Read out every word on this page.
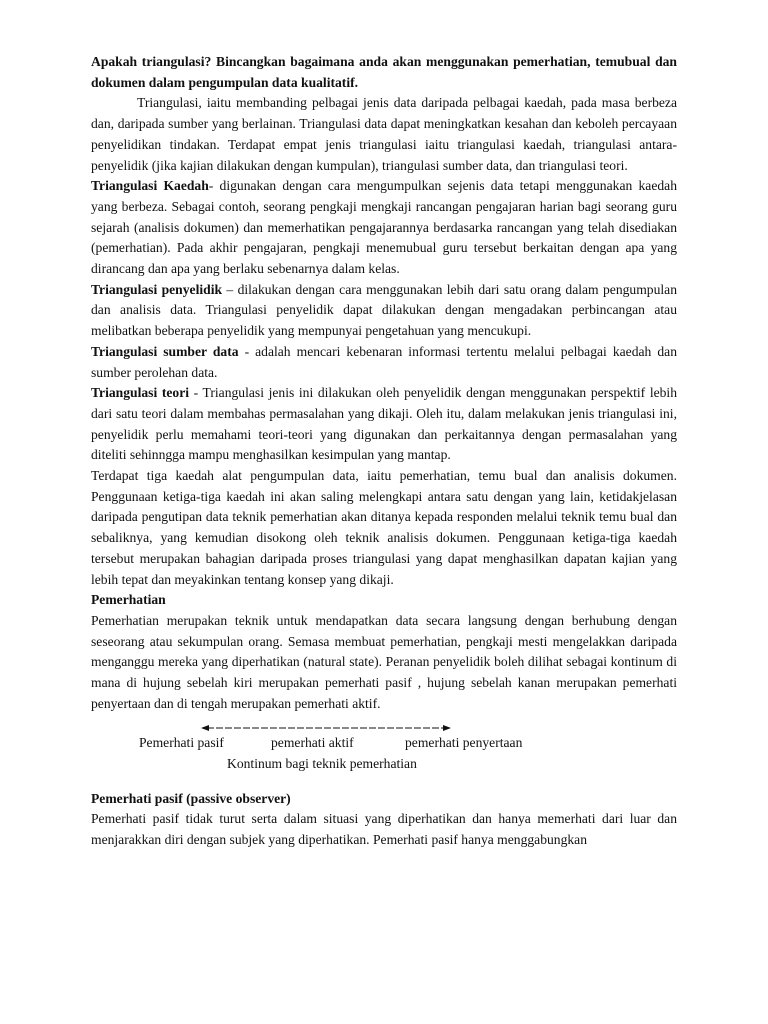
Apakah triangulasi? Bincangkan bagaimana anda akan menggunakan pemerhatian, temubual dan dokumen dalam pengumpulan data kualitatif.

Triangulasi, iaitu membanding pelbagai jenis data daripada pelbagai kaedah, pada masa berbeza dan, daripada sumber yang berlainan. Triangulasi data dapat meningkatkan kesahan dan keboleh percayaan penyelidikan tindakan. Terdapat empat jenis triangulasi iaitu triangulasi kaedah, triangulasi antara-penyelidik (jika kajian dilakukan dengan kumpulan), triangulasi sumber data, dan triangulasi teori.

Triangulasi Kaedah- digunakan dengan cara mengumpulkan sejenis data tetapi menggunakan kaedah yang berbeza. Sebagai contoh, seorang pengkaji mengkaji rancangan pengajaran harian bagi seorang guru sejarah (analisis dokumen) dan memerhatikan pengajarannya berdasarka rancangan yang telah disediakan (pemerhatian). Pada akhir pengajaran, pengkaji menemubual guru tersebut berkaitan dengan apa yang dirancang dan apa yang berlaku sebenarnya dalam kelas.

Triangulasi penyelidik – dilakukan dengan cara menggunakan lebih dari satu orang dalam pengumpulan dan analisis data. Triangulasi penyelidik dapat dilakukan dengan mengadakan perbincangan atau melibatkan beberapa penyelidik yang mempunyai pengetahuan yang mencukupi.

Triangulasi sumber data - adalah mencari kebenaran informasi tertentu melalui pelbagai kaedah dan sumber perolehan data.

Triangulasi teori - Triangulasi jenis ini dilakukan oleh penyelidik dengan menggunakan perspektif lebih dari satu teori dalam membahas permasalahan yang dikaji. Oleh itu, dalam melakukan jenis triangulasi ini, penyelidik perlu memahami teori-teori yang digunakan dan perkaitannya dengan permasalahan yang diteliti sehinngga mampu menghasilkan kesimpulan yang mantap.

Terdapat tiga kaedah alat pengumpulan data, iaitu pemerhatian, temu bual dan analisis dokumen. Penggunaan ketiga-tiga kaedah ini akan saling melengkapi antara satu dengan yang lain, ketidakjelasan daripada pengutipan data teknik pemerhatian akan ditanya kepada responden melalui teknik temu bual dan sebaliknya, yang kemudian disokong oleh teknik analisis dokumen. Penggunaan ketiga-tiga kaedah tersebut merupakan bahagian daripada proses triangulasi yang dapat menghasilkan dapatan kajian yang lebih tepat dan meyakinkan tentang konsep yang dikaji.

Pemerhatian

Pemerhatian merupakan teknik untuk mendapatkan data secara langsung dengan berhubung dengan seseorang atau sekumpulan orang. Semasa membuat pemerhatian, pengkaji mesti mengelakkan daripada menganggu mereka yang diperhatikan (natural state). Peranan penyelidik boleh dilihat sebagai kontinum di mana di hujung sebelah kiri merupakan pemerhati pasif , hujung sebelah kanan merupakan pemerhati penyertaan dan di tengah merupakan pemerhati aktif.

Pemerhati pasif	pemerhati aktif	pemerhati penyertaan
Kontinum bagi teknik pemerhatian

Pemerhati pasif (passive observer)

Pemerhati pasif tidak turut serta dalam situasi yang diperhatikan dan hanya memerhati dari luar dan menjarakkan diri dengan subjek yang diperhatikan. Pemerhati pasif hanya menggabungkan
